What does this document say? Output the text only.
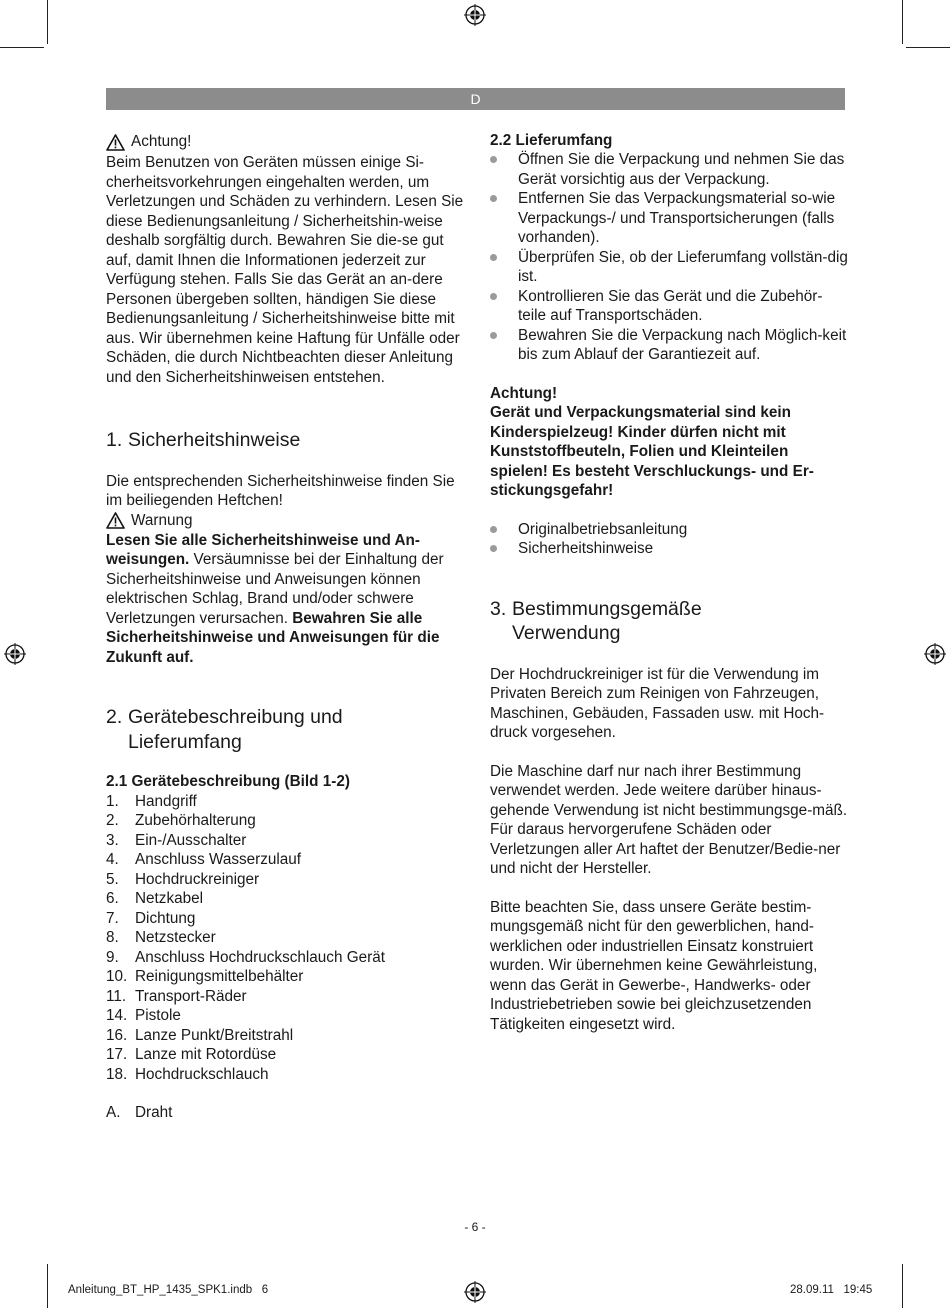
D
Achtung!

Beim Benutzen von Geräten müssen einige Si-cherheitsvorkehrungen eingehalten werden, um Verletzungen und Schäden zu verhindern. Lesen Sie diese Bedienungsanleitung / Sicherheitshin-weise deshalb sorgfältig durch. Bewahren Sie die-se gut auf, damit Ihnen die Informationen jederzeit zur Verfügung stehen. Falls Sie das Gerät an an-dere Personen übergeben sollten, händigen Sie diese Bedienungsanleitung / Sicherheitshinweise bitte mit aus. Wir übernehmen keine Haftung für Unfälle oder Schäden, die durch Nichtbeachten dieser Anleitung und den Sicherheitshinweisen entstehen.

1. Sicherheitshinweise

Die entsprechenden Sicherheitshinweise finden Sie im beiliegenden Heftchen!

Warnung

Lesen Sie alle Sicherheitshinweise und An-weisungen. Versäumnisse bei der Einhaltung der Sicherheitshinweise und Anweisungen können elektrischen Schlag, Brand und/oder schwere Verletzungen verursachen. Bewahren Sie alle Sicherheitshinweise und Anweisungen für die Zukunft auf.

2. Gerätebeschreibung und
Lieferumfang

2.1 Gerätebeschreibung (Bild 1-2)

1.	Handgriff
2.	Zubehörhalterung
3.	Ein-/Ausschalter
4.	Anschluss Wasserzulauf
5.	Hochdruckreiniger
6.	Netzkabel
7.	Dichtung
8.	Netzstecker
9.	Anschluss Hochdruckschlauch Gerät
10. Reinigungsmittelbehälter
11. Transport-Räder
14. Pistole
16. Lanze Punkt/Breitstrahl
17. Lanze mit Rotordüse
18. Hochdruckschlauch
A. Draht

2.2 Lieferumfang

Öffnen Sie die Verpackung und nehmen Sie das Gerät vorsichtig aus der Verpackung.
Entfernen Sie das Verpackungsmaterial so-wie Verpackungs-/ und Transportsicherungen (falls vorhanden).
Überprüfen Sie, ob der Lieferumfang vollstän-dig ist.
Kontrollieren Sie das Gerät und die Zubehör-teile auf Transportschäden.
Bewahren Sie die Verpackung nach Möglich-keit bis zum Ablauf der Garantiezeit auf.

Achtung!

Gerät und Verpackungsmaterial sind kein Kinderspielzeug! Kinder dürfen nicht mit Kunststoffbeuteln, Folien und Kleinteilen spielen! Es besteht Verschluckungs- und Er-stickungsgefahr!

Originalbetriebsanleitung
Sicherheitshinweise
3. Bestimmungsgemäße
Verwendung

Der Hochdruckreiniger ist für die Verwendung im Privaten Bereich zum Reinigen von Fahrzeugen, Maschinen, Gebäuden, Fassaden usw. mit Hoch-druck vorgesehen.

Die Maschine darf nur nach ihrer Bestimmung verwendet werden. Jede weitere darüber hinaus-gehende Verwendung ist nicht bestimmungsge-mäß. Für daraus hervorgerufene Schäden oder Verletzungen aller Art haftet der Benutzer/Bedie-ner und nicht der Hersteller.

Bitte beachten Sie, dass unsere Geräte bestim-mungsgemäß nicht für den gewerblichen, hand-werklichen oder industriellen Einsatz konstruiert wurden. Wir übernehmen keine Gewährleistung, wenn das Gerät in Gewerbe-, Handwerks- oder Industriebetrieben sowie bei gleichzusetzenden Tätigkeiten eingesetzt wird.

- 6 -
Anleitung_BT_HP_1435_SPK1.indb   6	28.09.11   19:45
